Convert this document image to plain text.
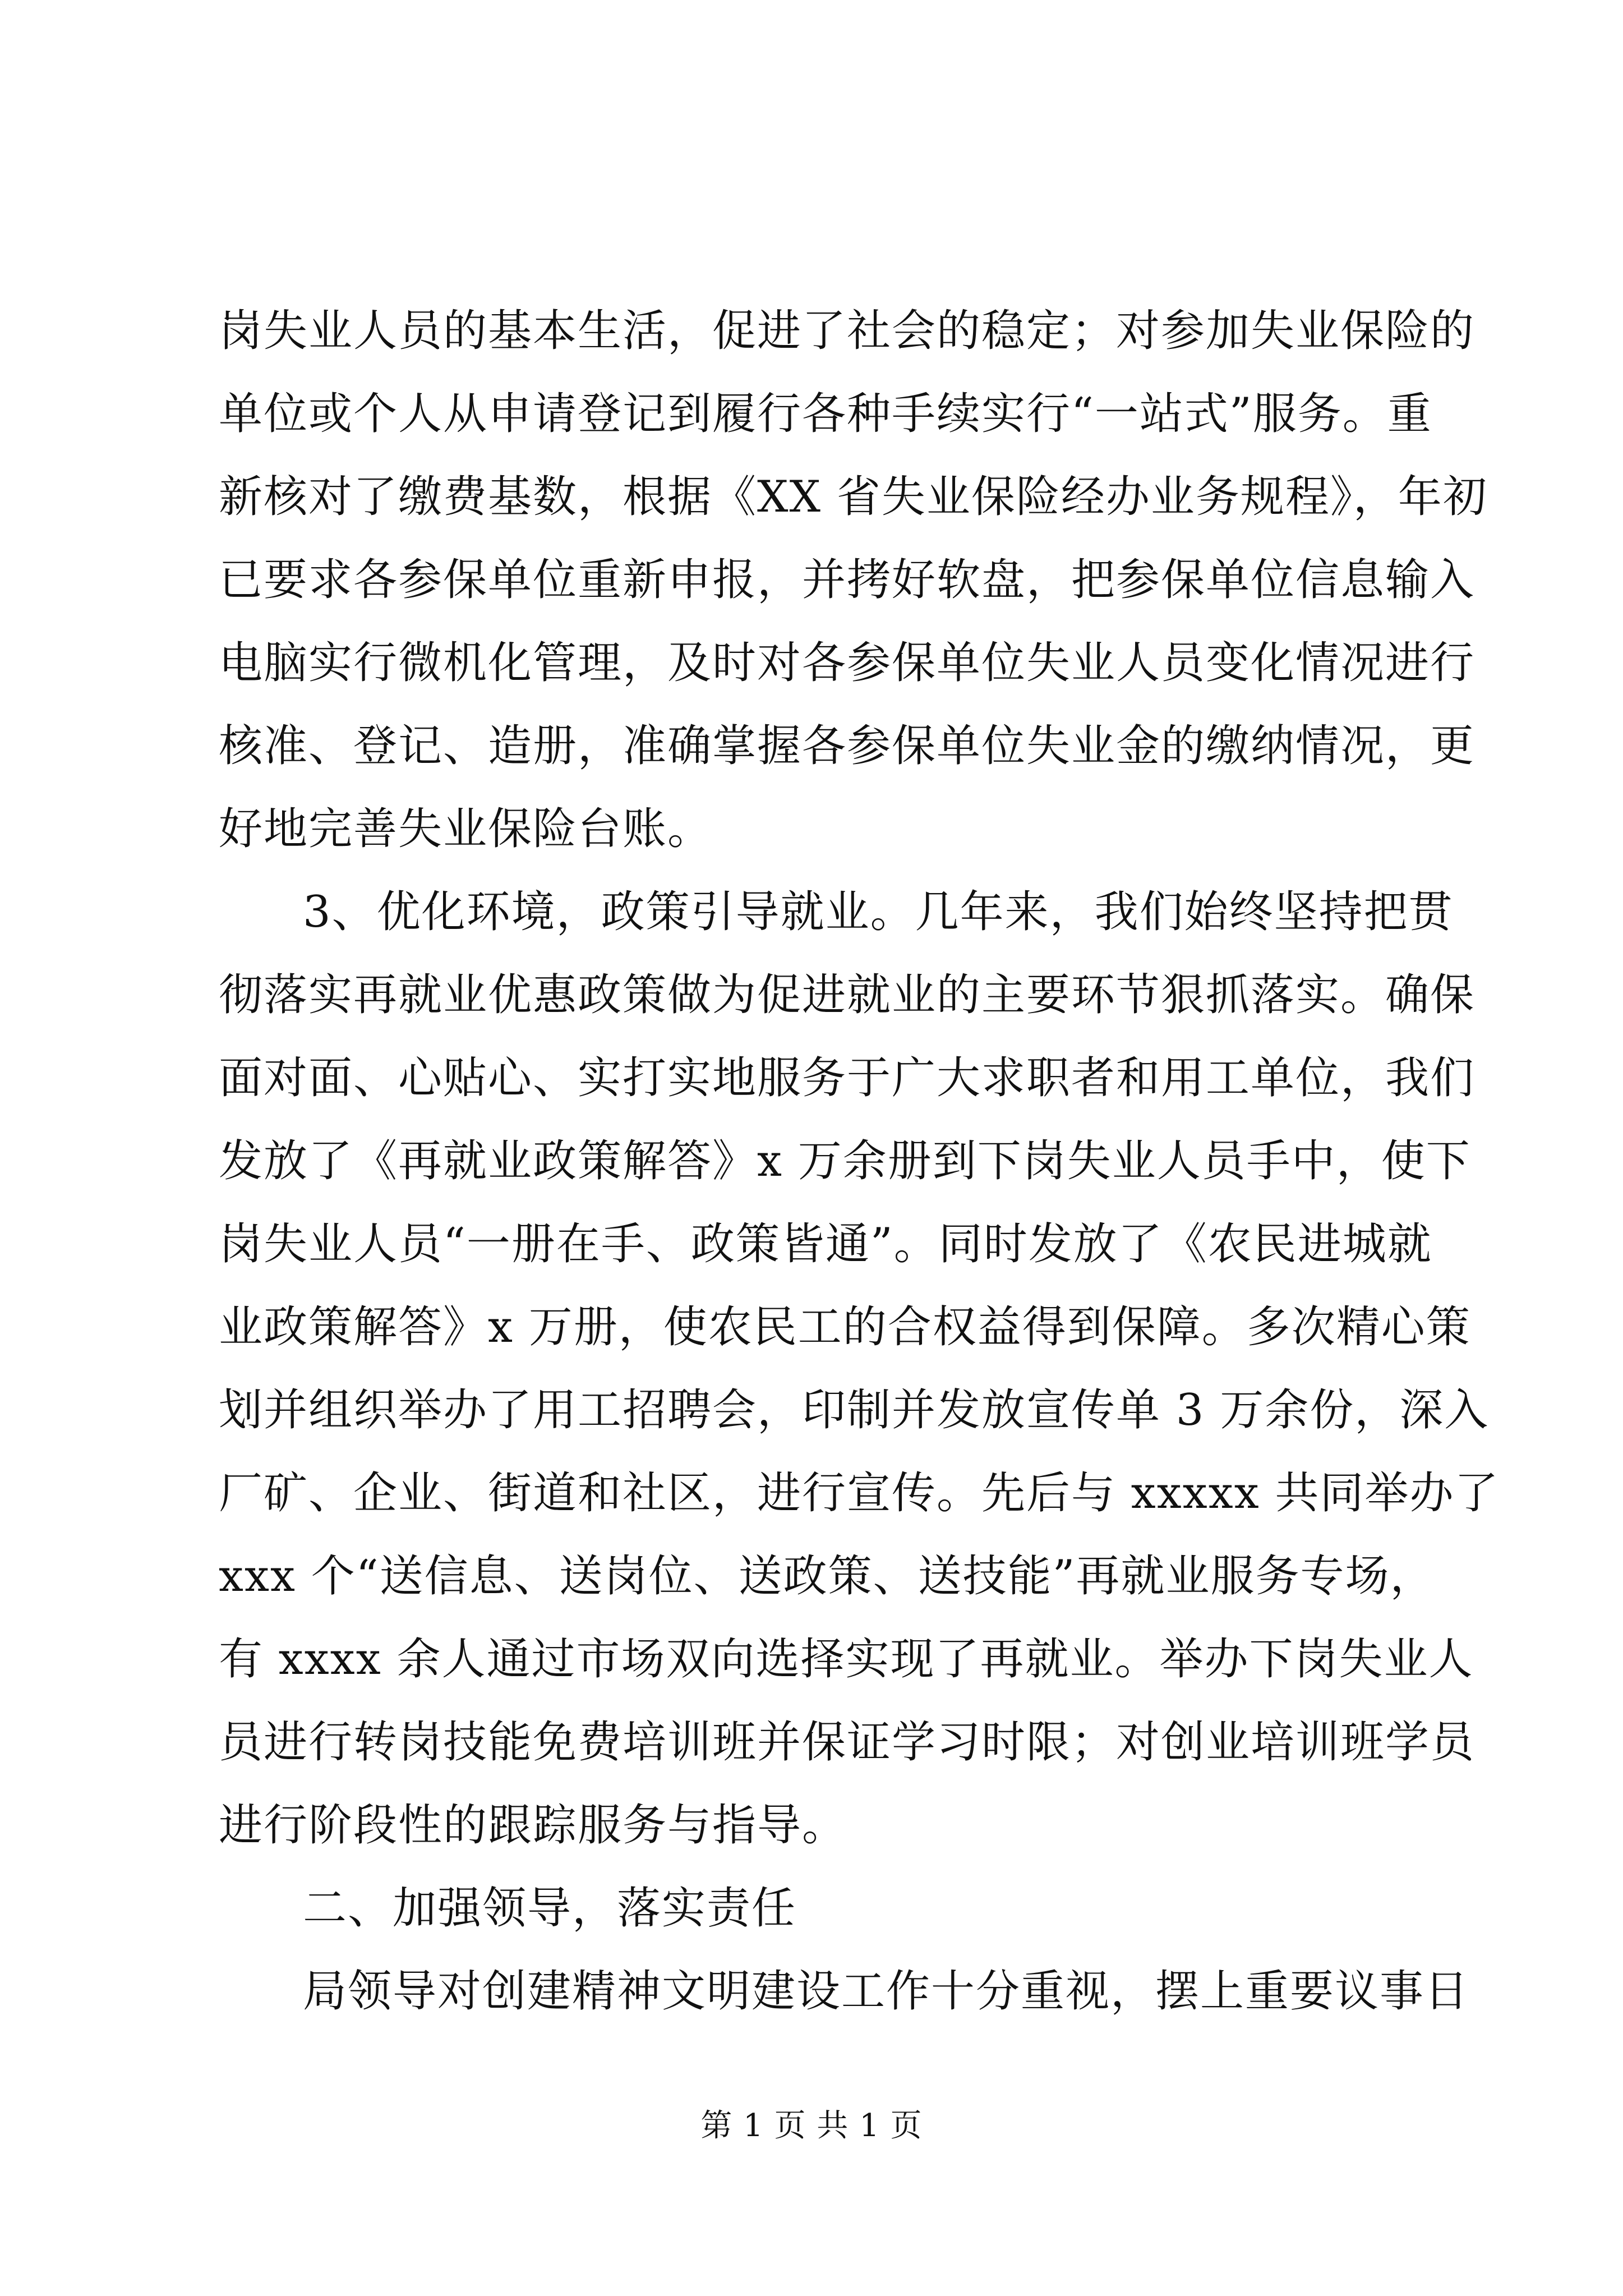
岗失业人员的基本生活，促进了社会的稳定；对参加失业保险的
单位或个人从申请登记到履行各种手续实行“一站式”服务。重
新核对了缴费基数，根据《XX 省失业保险经办业务规程》，年初
已要求各参保单位重新申报，并拷好软盘，把参保单位信息输入
电脑实行微机化管理，及时对各参保单位失业人员变化情况进行
核准、登记、造册，准确掌握各参保单位失业金的缴纳情况，更
好地完善失业保险台账。
3、优化环境，政策引导就业。几年来，我们始终坚持把贯
彻落实再就业优惠政策做为促进就业的主要环节狠抓落实。确保
面对面、心贴心、实打实地服务于广大求职者和用工单位，我们
发放了《再就业政策解答》x 万余册到下岗失业人员手中，使下
岗失业人员“一册在手、政策皆通”。同时发放了《农民进城就
业政策解答》x 万册，使农民工的合权益得到保障。多次精心策
划并组织举办了用工招聘会，印制并发放宣传单 3 万余份，深入
厂矿、企业、街道和社区，进行宣传。先后与 xxxxx 共同举办了
xxx 个“送信息、送岗位、送政策、送技能”再就业服务专场，
有 xxxx 余人通过市场双向选择实现了再就业。举办下岗失业人
员进行转岗技能免费培训班并保证学习时限；对创业培训班学员
进行阶段性的跟踪服务与指导。
二、加强领导，落实责任
局领导对创建精神文明建设工作十分重视，摆上重要议事日
第 1 页 共 1 页
